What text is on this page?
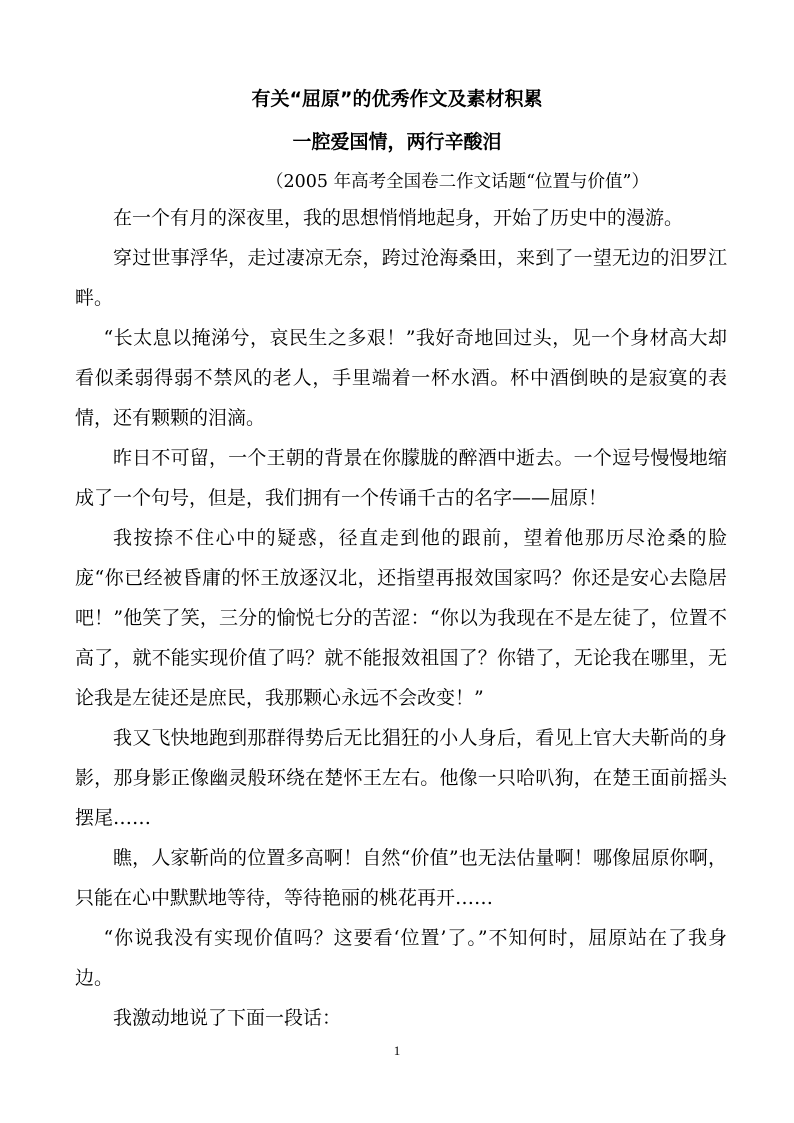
有关“屈原”的优秀作文及素材积累
一腔爱国情，两行辛酸泪
（2005 年高考全国卷二作文话题“位置与价值”）

在一个有月的深夜里，我的思想悄悄地起身，开始了历史中的漫游。

穿过世事浮华，走过凄凉无奈，跨过沧海桑田，来到了一望无边的汨罗江畔。

“长太息以掩涕兮，哀民生之多艰！”我好奇地回过头，见一个身材高大却看似柔弱得弱不禁风的老人，手里端着一杯水酒。杯中酒倒映的是寂寞的表情，还有颗颗的泪滴。

昨日不可留，一个王朝的背景在你朦胧的醉酒中逝去。一个逗号慢慢地缩成了一个句号，但是，我们拥有一个传诵千古的名字——屈原！

我按捺不住心中的疑惑，径直走到他的跟前，望着他那历尽沧桑的脸庞“你已经被昏庸的怀王放逐汉北，还指望再报效国家吗？你还是安心去隐居吧！”他笑了笑，三分的愉悦七分的苦涩：“你以为我现在不是左徒了，位置不高了，就不能实现价值了吗？就不能报效祖国了？你错了，无论我在哪里，无论我是左徒还是庶民，我那颗心永远不会改变！”

我又飞快地跑到那群得势后无比猖狂的小人身后，看见上官大夫靳尚的身影，那身影正像幽灵般环绕在楚怀王左右。他像一只哈叭狗，在楚王面前摇头摆尾……

瞧，人家靳尚的位置多高啊！自然“价值”也无法估量啊！哪像屈原你啊，只能在心中默默地等待，等待艳丽的桃花再开……

“你说我没有实现价值吗？这要看‘位置’了。”不知何时，屈原站在了我身边。

我激动地说了下面一段话：

1
